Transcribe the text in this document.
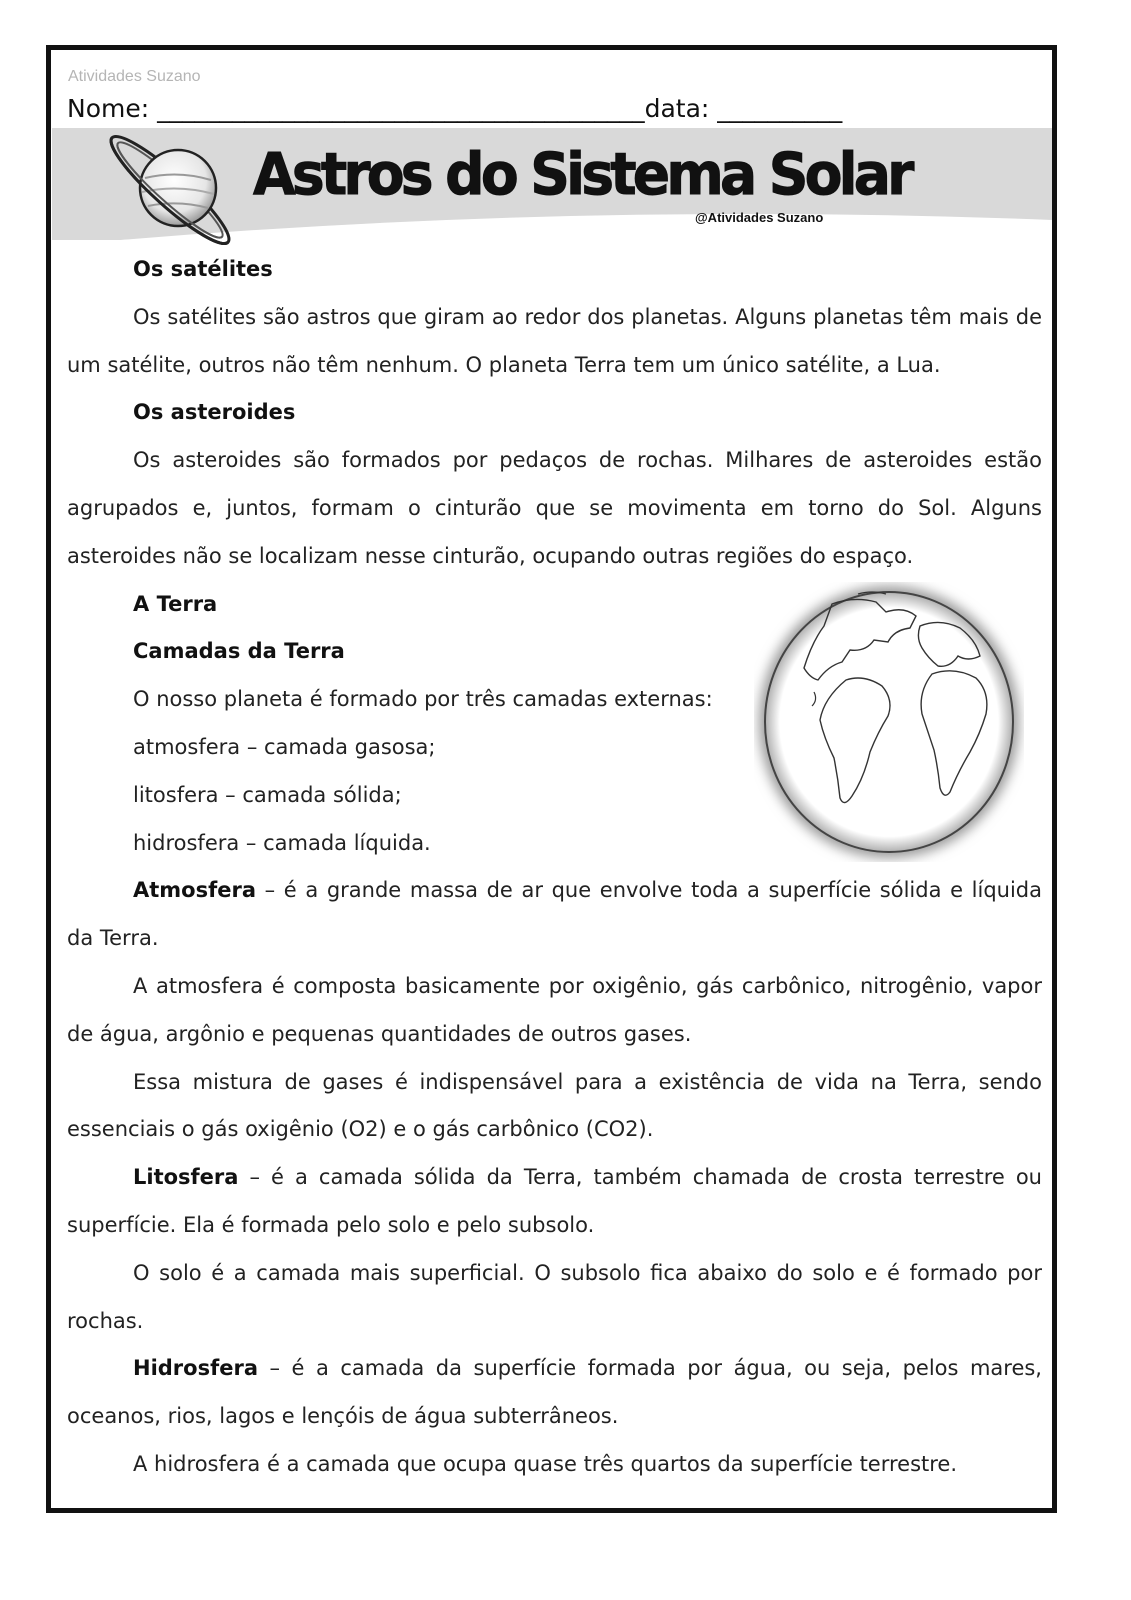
Atividades Suzano
Nome: _______________________________________data: __________
Astros do Sistema Solar
@Atividades Suzano

Os satélites

Os satélites são astros que giram ao redor dos planetas. Alguns planetas têm mais de um satélite, outros não têm nenhum. O planeta Terra tem um único satélite, a Lua.

Os asteroides

Os asteroides são formados por pedaços de rochas. Milhares de asteroides estão agrupados e, juntos, formam o cinturão que se movimenta em torno do Sol. Alguns asteroides não se localizam nesse cinturão, ocupando outras regiões do espaço.

A Terra

Camadas da Terra

O nosso planeta é formado por três camadas externas:

atmosfera – camada gasosa;

litosfera – camada sólida;

hidrosfera – camada líquida.

Atmosfera – é a grande massa de ar que envolve toda a superfície sólida e líquida da Terra.

A atmosfera é composta basicamente por oxigênio, gás carbônico, nitrogênio, vapor de água, argônio e pequenas quantidades de outros gases.

Essa mistura de gases é indispensável para a existência de vida na Terra, sendo essenciais o gás oxigênio (O2) e o gás carbônico (CO2).

Litosfera – é a camada sólida da Terra, também chamada de crosta terrestre ou superfície. Ela é formada pelo solo e pelo subsolo.

O solo é a camada mais superficial. O subsolo fica abaixo do solo e é formado por rochas.

Hidrosfera – é a camada da superfície formada por água, ou seja, pelos mares, oceanos, rios, lagos e lençóis de água subterrâneos.

A hidrosfera é a camada que ocupa quase três quartos da superfície terrestre.
